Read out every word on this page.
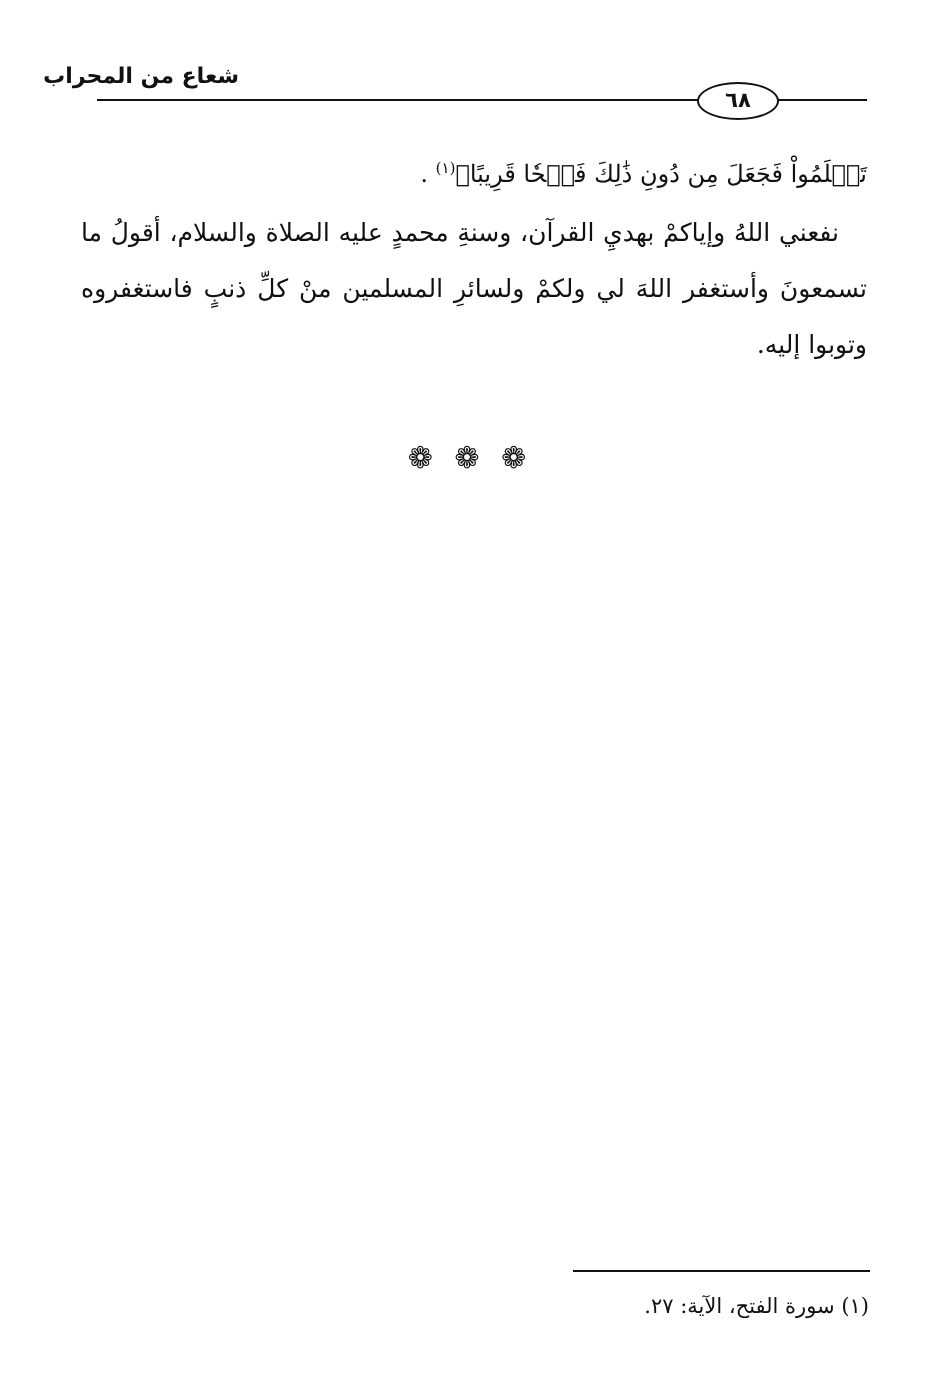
شعاع من المحراب
٦٨
تَعۡلَمُواْ فَجَعَلَ مِن دُونِ ذَٰلِكَ فَتۡحٗا قَرِيبًا﴾$^{(١)}$ .
نفعني اللهُ وإياكمْ بهديِ القرآن، وسنةِ محمدٍ عليه الصلاة والسلام، أقولُ ما تسمعونَ وأستغفر اللهَ لي ولكمْ ولسائرِ المسلمين منْ كلِّ ذنبٍ فاستغفروه وتوبوا إليه.
❁ ❁ ❁
(١) سورة الفتح، الآية: ٢٧.
